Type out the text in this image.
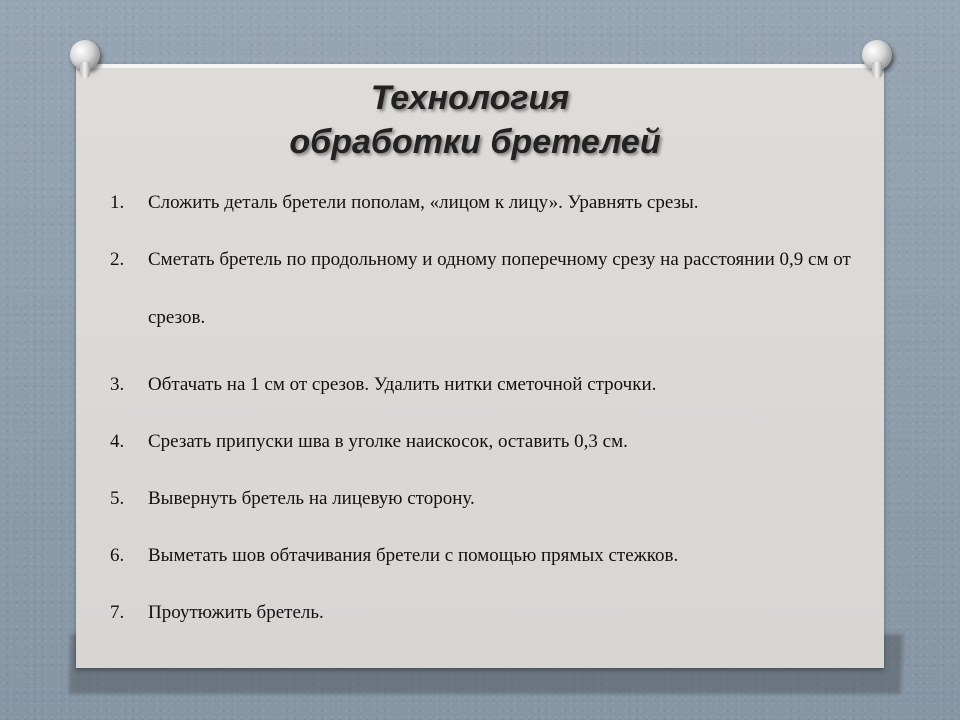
Технология
обработки бретелей
1.	Сложить деталь бретели пополам, «лицом к лицу». Уравнять срезы.
2.	Сметать бретель по продольному и одному поперечному срезу на расстоянии 0,9 см от срезов.
3.	Обтачать на 1 см от срезов. Удалить нитки сметочной строчки.
4.	Срезать припуски шва в уголке наискосок, оставить 0,3 см.
5.	Вывернуть бретель на лицевую сторону.
6.	Выметать шов обтачивания бретели с помощью прямых стежков.
7.	Проутюжить бретель.
